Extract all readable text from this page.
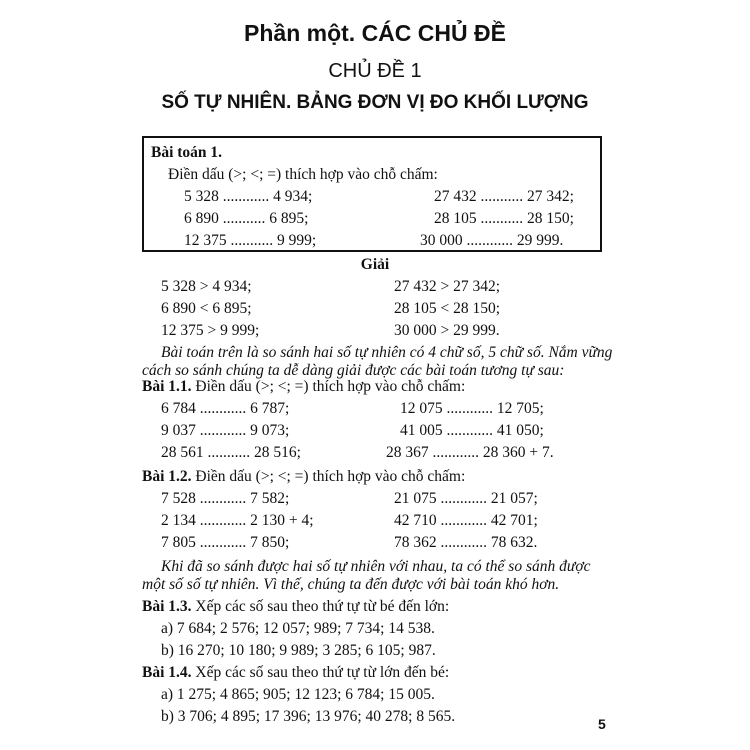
Phần một. CÁC CHỦ ĐỀ
CHỦ ĐỀ 1
SỐ TỰ NHIÊN. BẢNG ĐƠN VỊ ĐO KHỐI LƯỢNG
Bài toán 1.
Điền dấu (>; <; =) thích hợp vào chỗ chấm:
5 328 ............ 4 934;	27 432 ........... 27 342;
6 890 ........... 6 895;	28 105 ........... 28 150;
12 375 ........... 9 999;	30 000 ............ 29 999.
Giải
5 328 > 4 934;	27 432 > 27 342;
6 890 < 6 895;	28 105 < 28 150;
12 375 > 9 999;	30 000 > 29 999.
Bài toán trên là so sánh hai số tự nhiên có 4 chữ số, 5 chữ số. Nắm vững
cách so sánh chúng ta dễ dàng giải được các bài toán tương tự sau:
Bài 1.1. Điền dấu (>; <; =) thích hợp vào chỗ chấm:
6 784 ............ 6 787;	12 075 ............ 12 705;
9 037 ............ 9 073;	41 005 ............ 41 050;
28 561 ........... 28 516;	28 367 ............ 28 360 + 7.
Bài 1.2. Điền dấu (>; <; =) thích hợp vào chỗ chấm:
7 528 ............ 7 582;	21 075 ............ 21 057;
2 134 ............ 2 130 + 4;	42 710 ............ 42 701;
7 805 ............ 7 850;	78 362 ............ 78 632.
Khi đã so sánh được hai số tự nhiên với nhau, ta có thể so sánh được
một số số tự nhiên. Vì thế, chúng ta đến được với bài toán khó hơn.
Bài 1.3. Xếp các số sau theo thứ tự từ bé đến lớn:
a) 7 684; 2 576; 12 057; 989; 7 734; 14 538.
b) 16 270; 10 180; 9 989; 3 285; 6 105; 987.
Bài 1.4. Xếp các số sau theo thứ tự từ lớn đến bé:
a) 1 275; 4 865; 905; 12 123; 6 784; 15 005.
b) 3 706; 4 895; 17 396; 13 976; 40 278; 8 565.	5
